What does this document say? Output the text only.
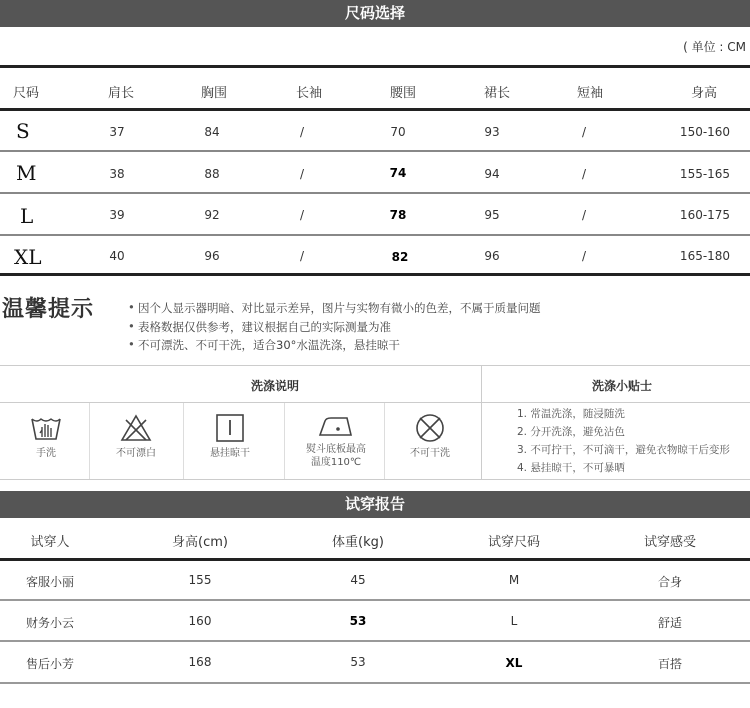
尺码选择
( 单位 : CM
尺码	肩长	胸围	长袖	腰围	裙长	短袖	身高
S	37	84	/	70	93	/	150-160
M	38	88	/	74	94	/	155-165
L	39	92	/	78	95	/	160-175
XL	40	96	/	82	96	/	165-180
温馨提示
•	因个人显示器明暗、对比显示差异，图片与实物有微小的色差，不属于质量问题
• 表格数据仅供参考，建议根据自己的实际测量为准
• 不可漂洗、不可干洗，适合30°水温洗涤，悬挂晾干
洗涤说明	洗涤小贴士
手洗	不可漂白	悬挂晾干	熨斗底板最高
温度110℃
不可干洗
1. 常温洗涤，随浸随洗
2. 分开洗涤，避免沾色
3. 不可拧干，不可滴干，避免衣物晾干后变形
4. 悬挂晾干，不可暴晒
试穿报告
试穿人	身高(cm)	体重(kg)	试穿尺码	试穿感受
客服小丽	155	45	M	合身
财务小云	160	53	L	舒适
售后小芳	168	53	XL	百搭
